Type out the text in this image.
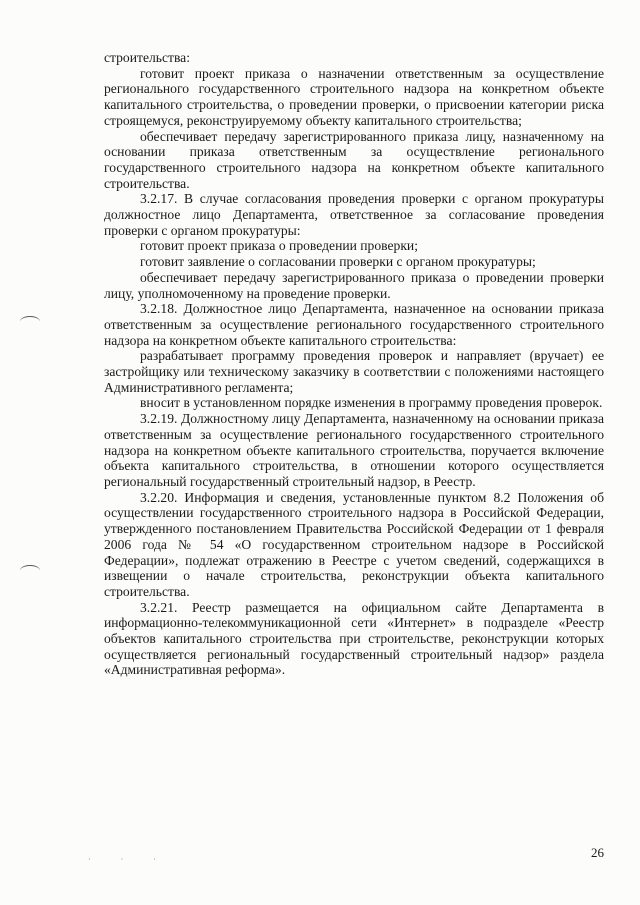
строительства:

готовит проект приказа о назначении ответственным за осуществление регионального государственного строительного надзора на конкретном объекте капитального строительства, о проведении проверки, о присвоении категории риска строящемуся, реконструируемому объекту капитального строительства;

обеспечивает передачу зарегистрированного приказа лицу, назначенному на основании приказа ответственным за осуществление регионального государственного строительного надзора на конкретном объекте капитального строительства.

3.2.17. В случае согласования проведения проверки с органом прокуратуры должностное лицо Департамента, ответственное за согласование проведения проверки с органом прокуратуры:

готовит проект приказа о проведении проверки;

готовит заявление о согласовании проверки с органом прокуратуры;

обеспечивает передачу зарегистрированного приказа о проведении проверки лицу, уполномоченному на проведение проверки.

3.2.18. Должностное лицо Департамента, назначенное на основании приказа ответственным за осуществление регионального государственного строительного надзора на конкретном объекте капитального строительства:

разрабатывает программу проведения проверок и направляет (вручает) ее застройщику или техническому заказчику в соответствии с положениями настоящего Административного регламента;

вносит в установленном порядке изменения в программу проведения проверок.

3.2.19. Должностному лицу Департамента, назначенному на основании приказа ответственным за осуществление регионального государственного строительного надзора на конкретном объекте капитального строительства, поручается включение объекта капитального строительства, в отношении которого осуществляется региональный государственный строительный надзор, в Реестр.

3.2.20. Информация и сведения, установленные пунктом 8.2 Положения об осуществлении государственного строительного надзора в Российской Федерации, утвержденного постановлением Правительства Российской Федерации от 1 февраля 2006 года № 54 «О государственном строительном надзоре в Российской Федерации», подлежат отражению в Реестре с учетом сведений, содержащихся в извещении о начале строительства, реконструкции объекта капитального строительства.

3.2.21. Реестр размещается на официальном сайте Департамента в информационно-телекоммуникационной сети «Интернет» в подразделе «Реестр объектов капитального строительства при строительстве, реконструкции которых осуществляется региональный государственный строительный надзор» раздела «Административная реформа».

· · ·	26
